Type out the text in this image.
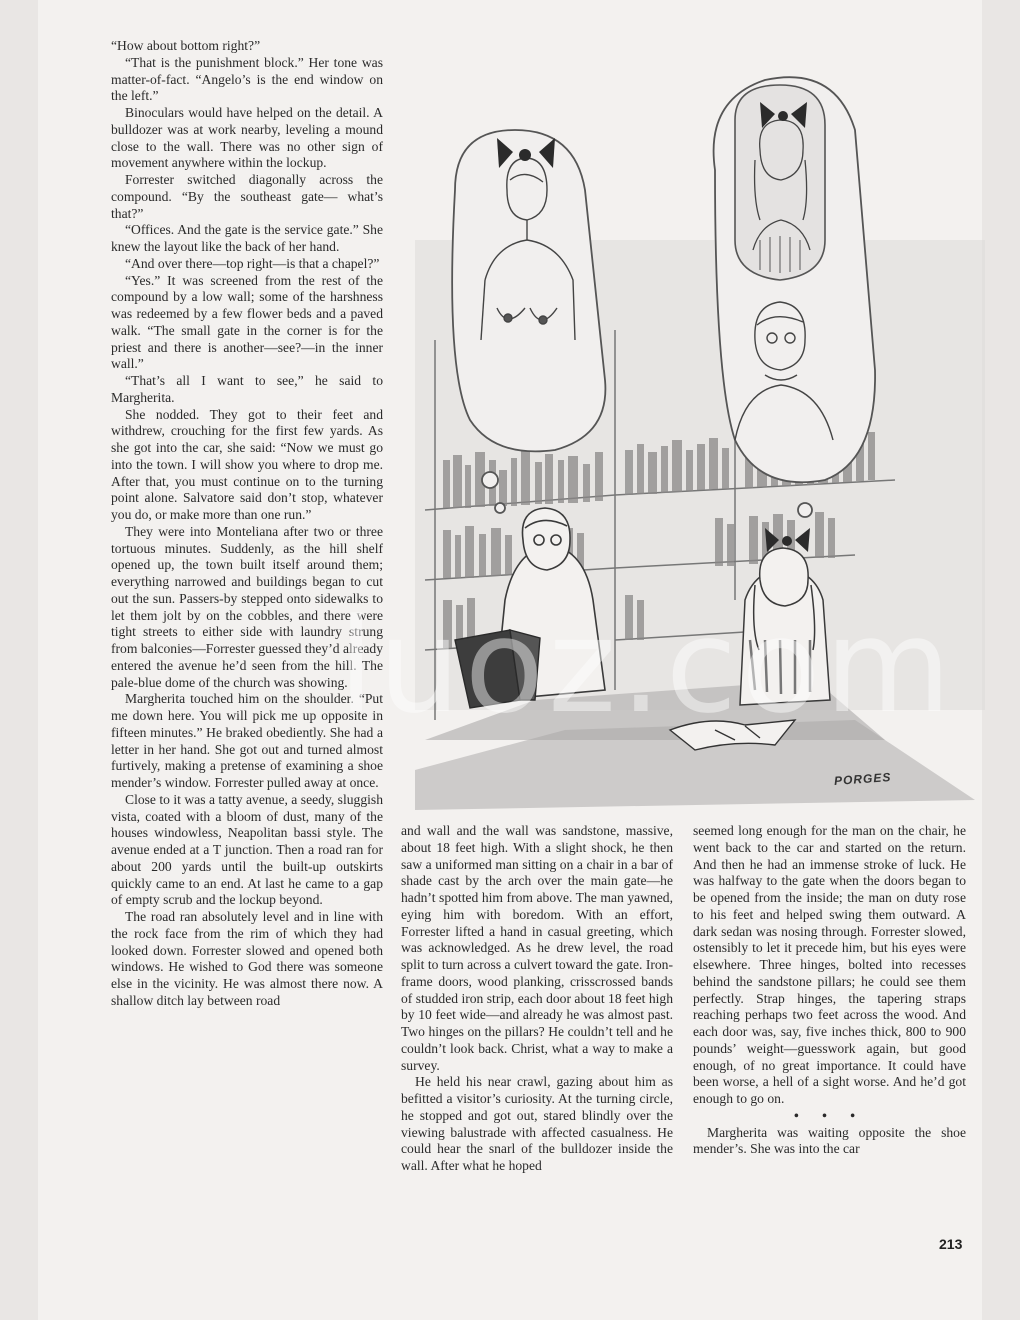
“How about bottom right?”

“That is the punishment block.” Her tone was matter-of-fact. “Angelo’s is the end window on the left.”

Binoculars would have helped on the detail. A bulldozer was at work nearby, leveling a mound close to the wall. There was no other sign of movement anywhere within the lockup.

Forrester switched diagonally across the compound. “By the southeast gate— what’s that?”

“Offices. And the gate is the service gate.” She knew the layout like the back of her hand.

“And over there—top right—is that a chapel?”

“Yes.” It was screened from the rest of the compound by a low wall; some of the harshness was redeemed by a few flower beds and a paved walk. “The small gate in the corner is for the priest and there is another—see?—in the inner wall.”

“That’s all I want to see,” he said to Margherita.

She nodded. They got to their feet and withdrew, crouching for the first few yards. As she got into the car, she said: “Now we must go into the town. I will show you where to drop me. After that, you must continue on to the turning point alone. Salvatore said don’t stop, whatever you do, or make more than one run.”

They were into Monteliana after two or three tortuous minutes. Suddenly, as the hill shelf opened up, the town built itself around them; everything narrowed and buildings began to cut out the sun. Passers-by stepped onto sidewalks to let them jolt by on the cobbles, and there were tight streets to either side with laundry strung from balconies—Forrester guessed they’d already entered the avenue he’d seen from the hill. The pale-blue dome of the church was showing.

Margherita touched him on the shoulder. “Put me down here. You will pick me up opposite in fifteen minutes.” He braked obediently. She had a letter in her hand. She got out and turned almost furtively, making a pretense of examining a shoe mender’s window. Forrester pulled away at once.

Close to it was a tatty avenue, a seedy, sluggish vista, coated with a bloom of dust, many of the houses windowless, Neapolitan bassi style. The avenue ended at a T junction. Then a road ran for about 200 yards until the built-up outskirts quickly came to an end. At last he came to a gap of empty scrub and the lockup beyond.

The road ran absolutely level and in line with the rock face from the rim of which they had looked down. Forrester slowed and opened both windows. He wished to God there was someone else in the vicinity. He was almost there now. A shallow ditch lay between road

PORGES

and wall and the wall was sandstone, massive, about 18 feet high. With a slight shock, he then saw a uniformed man sitting on a chair in a bar of shade cast by the arch over the main gate—he hadn’t spotted him from above. The man yawned, eying him with boredom. With an effort, Forrester lifted a hand in casual greeting, which was acknowledged. As he drew level, the road split to turn across a culvert toward the gate. Iron-frame doors, wood planking, crisscrossed bands of studded iron strip, each door about 18 feet high by 10 feet wide—and already he was almost past. Two hinges on the pillars? He couldn’t tell and he couldn’t look back. Christ, what a way to make a survey.

He held his near crawl, gazing about him as befitted a visitor’s curiosity. At the turning circle, he stopped and got out, stared blindly over the viewing balustrade with affected casualness. He could hear the snarl of the bulldozer inside the wall. After what he hoped

seemed long enough for the man on the chair, he went back to the car and started on the return. And then he had an immense stroke of luck. He was halfway to the gate when the doors began to be opened from the inside; the man on duty rose to his feet and helped swing them outward. A dark sedan was nosing through. Forrester slowed, ostensibly to let it precede him, but his eyes were elsewhere. Three hinges, bolted into recesses behind the sandstone pillars; he could see them perfectly. Strap hinges, the tapering straps reaching perhaps two feet across the wood. And each door was, say, five inches thick, 800 to 900 pounds’ weight—guesswork again, but good enough, of no great importance. It could have been worse, a hell of a sight worse. And he’d got enough to go on.

• • •

Margherita was waiting opposite the shoe mender’s. She was into the car

luoz.com
213
